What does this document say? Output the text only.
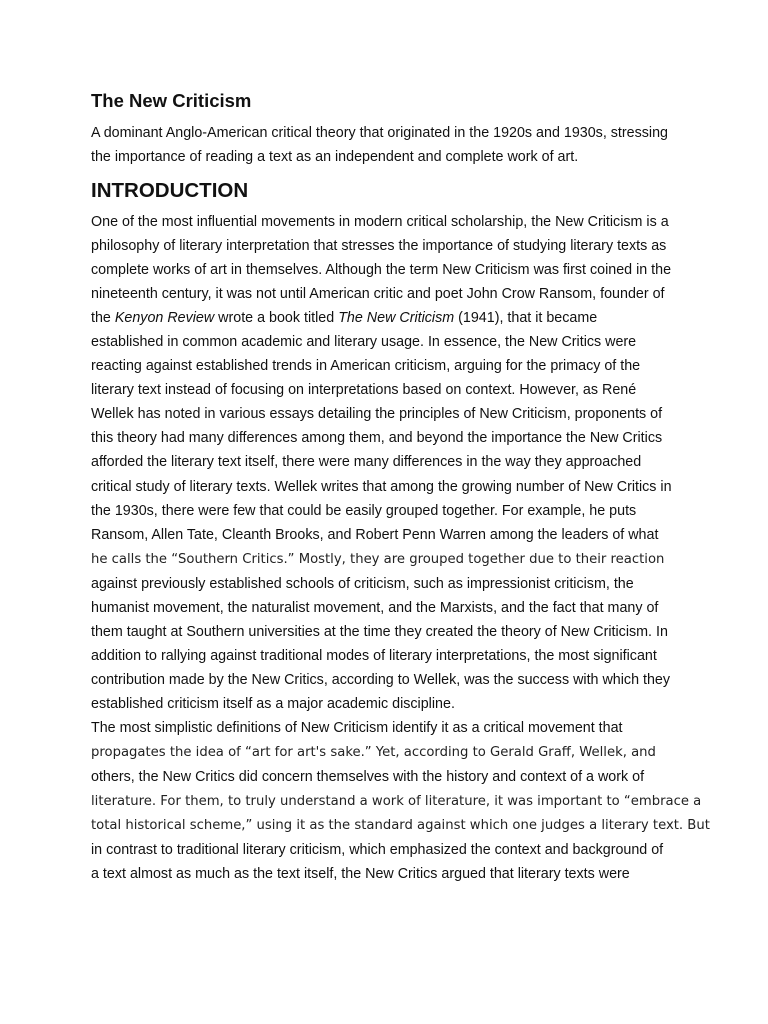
The New Criticism

A dominant Anglo-American critical theory that originated in the 1920s and 1930s, stressing

the importance of reading a text as an independent and complete work of art.

INTRODUCTION

One of the most influential movements in modern critical scholarship, the New Criticism is a

philosophy of literary interpretation that stresses the importance of studying literary texts as

complete works of art in themselves. Although the term New Criticism was first coined in the

nineteenth century, it was not until American critic and poet John Crow Ransom, founder of

the Kenyon Review wrote a book titled The New Criticism (1941), that it became

established in common academic and literary usage. In essence, the New Critics were

reacting against established trends in American criticism, arguing for the primacy of the

literary text instead of focusing on interpretations based on context. However, as René

Wellek has noted in various essays detailing the principles of New Criticism, proponents of

this theory had many differences among them, and beyond the importance the New Critics

afforded the literary text itself, there were many differences in the way they approached

critical study of literary texts. Wellek writes that among the growing number of New Critics in

the 1930s, there were few that could be easily grouped together. For example, he puts

Ransom, Allen Tate, Cleanth Brooks, and Robert Penn Warren among the leaders of what

he calls the “Southern Critics.” Mostly, they are grouped together due to their reaction

against previously established schools of criticism, such as impressionist criticism, the

humanist movement, the naturalist movement, and the Marxists, and the fact that many of

them taught at Southern universities at the time they created the theory of New Criticism. In

addition to rallying against traditional modes of literary interpretations, the most significant

contribution made by the New Critics, according to Wellek, was the success with which they

established criticism itself as a major academic discipline.

The most simplistic definitions of New Criticism identify it as a critical movement that

propagates the idea of “art for art's sake.” Yet, according to Gerald Graff, Wellek, and

others, the New Critics did concern themselves with the history and context of a work of

literature. For them, to truly understand a work of literature, it was important to “embrace a

total historical scheme,” using it as the standard against which one judges a literary text. But

in contrast to traditional literary criticism, which emphasized the context and background of

a text almost as much as the text itself, the New Critics argued that literary texts were
